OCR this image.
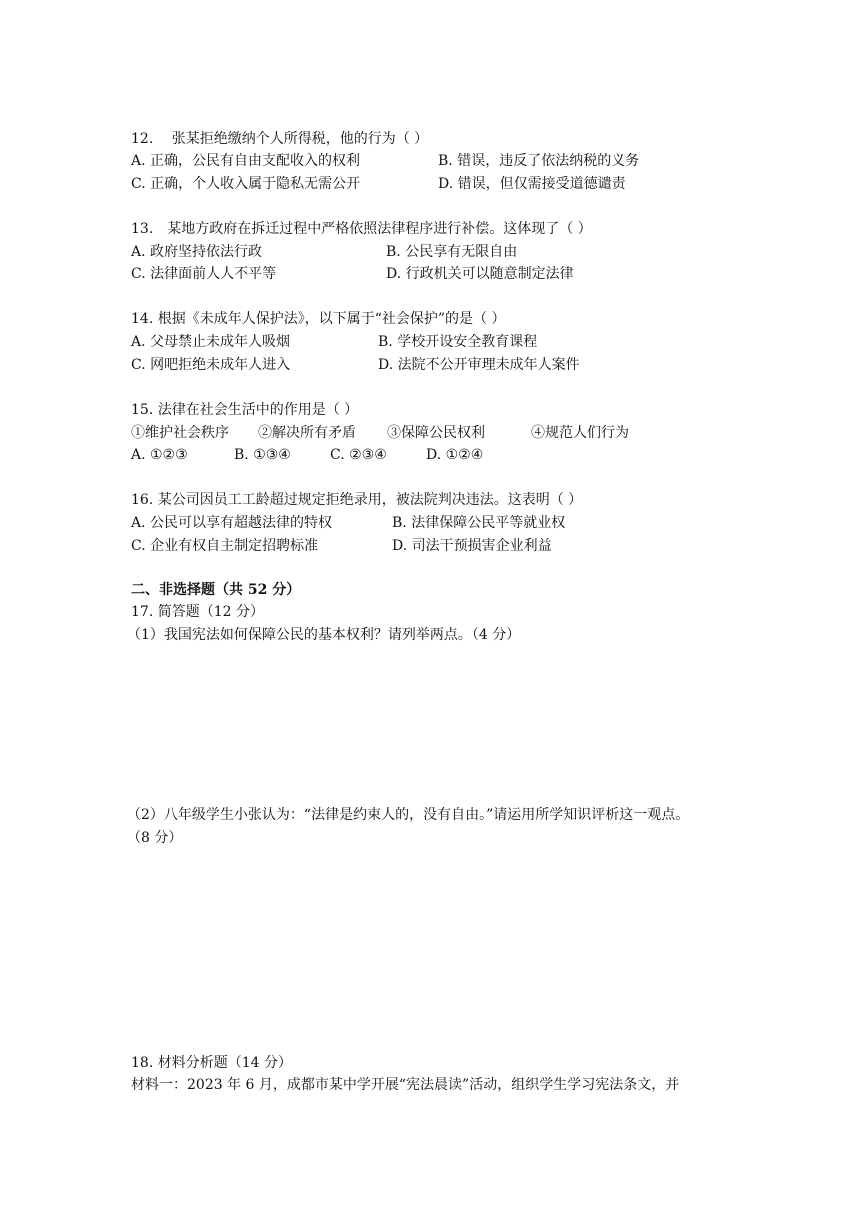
12.　 张某拒绝缴纳个人所得税，他的行为（ ）
A. 正确，公民有自由支配收入的权利	B. 错误，违反了依法纳税的义务
C. 正确，个人收入属于隐私无需公开	D. 错误，但仅需接受道德谴责
13.　某地方政府在拆迁过程中严格依照法律程序进行补偿。这体现了（ ）
A. 政府坚持依法行政	B. 公民享有无限自由
C. 法律面前人人不平等	D. 行政机关可以随意制定法律
14. 根据《未成年人保护法》，以下属于“社会保护”的是（ ）
A. 父母禁止未成年人吸烟	B. 学校开设安全教育课程
C. 网吧拒绝未成年人进入	D. 法院不公开审理未成年人案件
15. 法律在社会生活中的作用是（ ）
①维护社会秩序 ②解决所有矛盾 ③保障公民权利	④规范人们行为
A. ①②③	B. ①③④	C. ②③④	D. ①②④
16. 某公司因员工工龄超过规定拒绝录用，被法院判决违法。这表明（ ）
A. 公民可以享有超越法律的特权	B. 法律保障公民平等就业权
C. 企业有权自主制定招聘标准	D. 司法干预损害企业利益
二、非选择题（共 52 分）
17. 简答题（12 分）
（1）我国宪法如何保障公民的基本权利？请列举两点。（4 分）
（2）八年级学生小张认为：“法律是约束人的，没有自由。”请运用所学知识评析这一观点。
（8 分）
18. 材料分析题（14 分）
材料一：2023 年 6 月，成都市某中学开展“宪法晨读”活动，组织学生学习宪法条文，并
